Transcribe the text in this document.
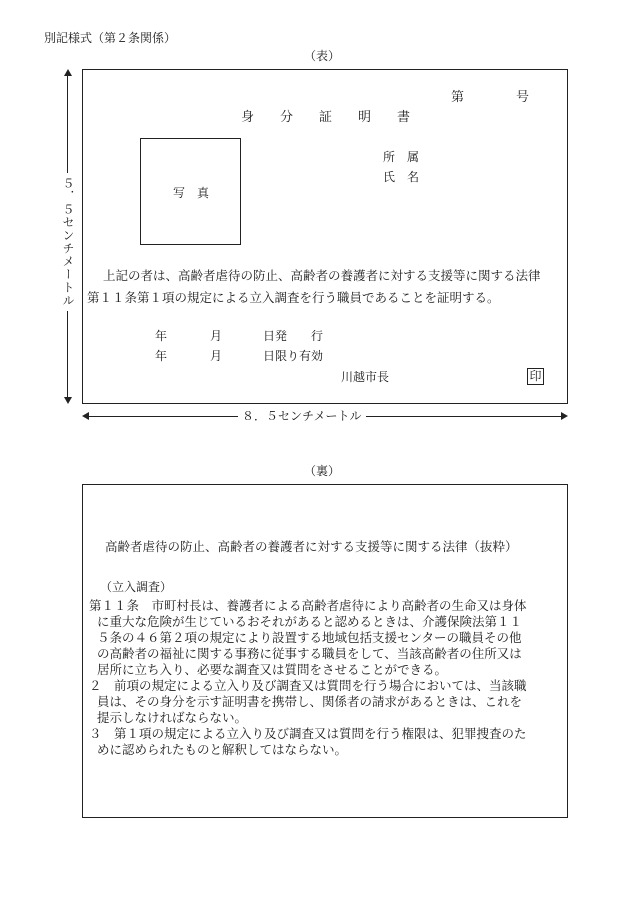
別記様式（第２条関係）
（表）
第	号
身分証明書
写　真
所　属
氏　名
上記の者は、高齢者虐待の防止、高齢者の養護者に対する支援等に関する法律
第１１条第１項の規定による立入調査を行う職員であることを証明する。
年	月	日発　　行
年	月	日限り有効
川越市長	印
５．５センチメートル
８．５センチメートル
（裏）
高齢者虐待の防止、高齢者の養護者に対する支援等に関する法律（抜粋）
（立入調査）
第１１条　市町村長は、養護者による高齢者虐待により高齢者の生命又は身体
に重大な危険が生じているおそれがあると認めるときは、介護保険法第１１
５条の４６第２項の規定により設置する地域包括支援センターの職員その他
の高齢者の福祉に関する事務に従事する職員をして、当該高齢者の住所又は
居所に立ち入り、必要な調査又は質問をさせることができる。
２　前項の規定による立入り及び調査又は質問を行う場合においては、当該職
員は、その身分を示す証明書を携帯し、関係者の請求があるときは、これを
提示しなければならない。
３　第１項の規定による立入り及び調査又は質問を行う権限は、犯罪捜査のた
めに認められたものと解釈してはならない。
